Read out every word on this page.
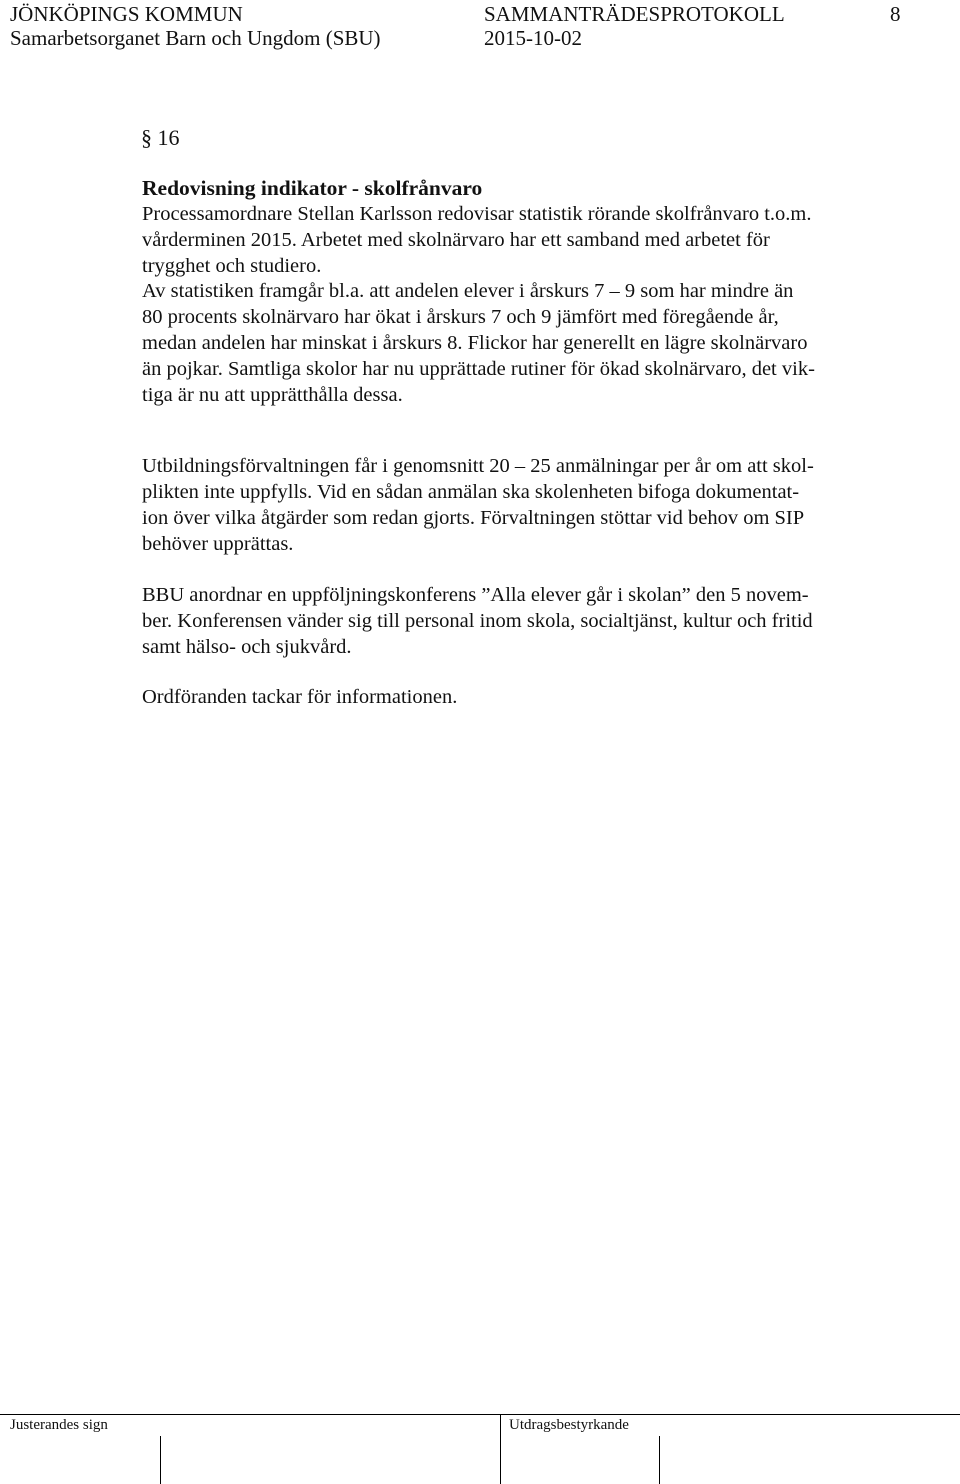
JÖNKÖPINGS KOMMUN
Samarbetsorganet Barn och Ungdom (SBU)
SAMMANTRÄDESPROTOKOLL
2015-10-02
8
§ 16
Redovisning indikator - skolfrånvaro
Processamordnare Stellan Karlsson redovisar statistik rörande skolfrånvaro t.o.m.
vårderminen 2015. Arbetet med skolnärvaro har ett samband med arbetet för
trygghet och studiero.
Av statistiken framgår bl.a. att andelen elever i årskurs 7 – 9 som har mindre än
80 procents skolnärvaro har ökat i årskurs 7 och 9 jämfört med föregående år,
medan andelen har minskat i årskurs 8. Flickor har generellt en lägre skolnärvaro
än pojkar. Samtliga skolor har nu upprättade rutiner för ökad skolnärvaro, det vik-
tiga är nu att upprätthålla dessa.
Utbildningsförvaltningen får i genomsnitt 20 – 25 anmälningar per år om att skol-
plikten inte uppfylls. Vid en sådan anmälan ska skolenheten bifoga dokumentat-
ion över vilka åtgärder som redan gjorts. Förvaltningen stöttar vid behov om SIP
behöver upprättas.
BBU anordnar en uppföljningskonferens ”Alla elever går i skolan” den 5 novem-
ber. Konferensen vänder sig till personal inom skola, socialtjänst, kultur och fritid
samt hälso- och sjukvård.
Ordföranden tackar för informationen.
Justerandes sign	Utdragsbestyrkande
